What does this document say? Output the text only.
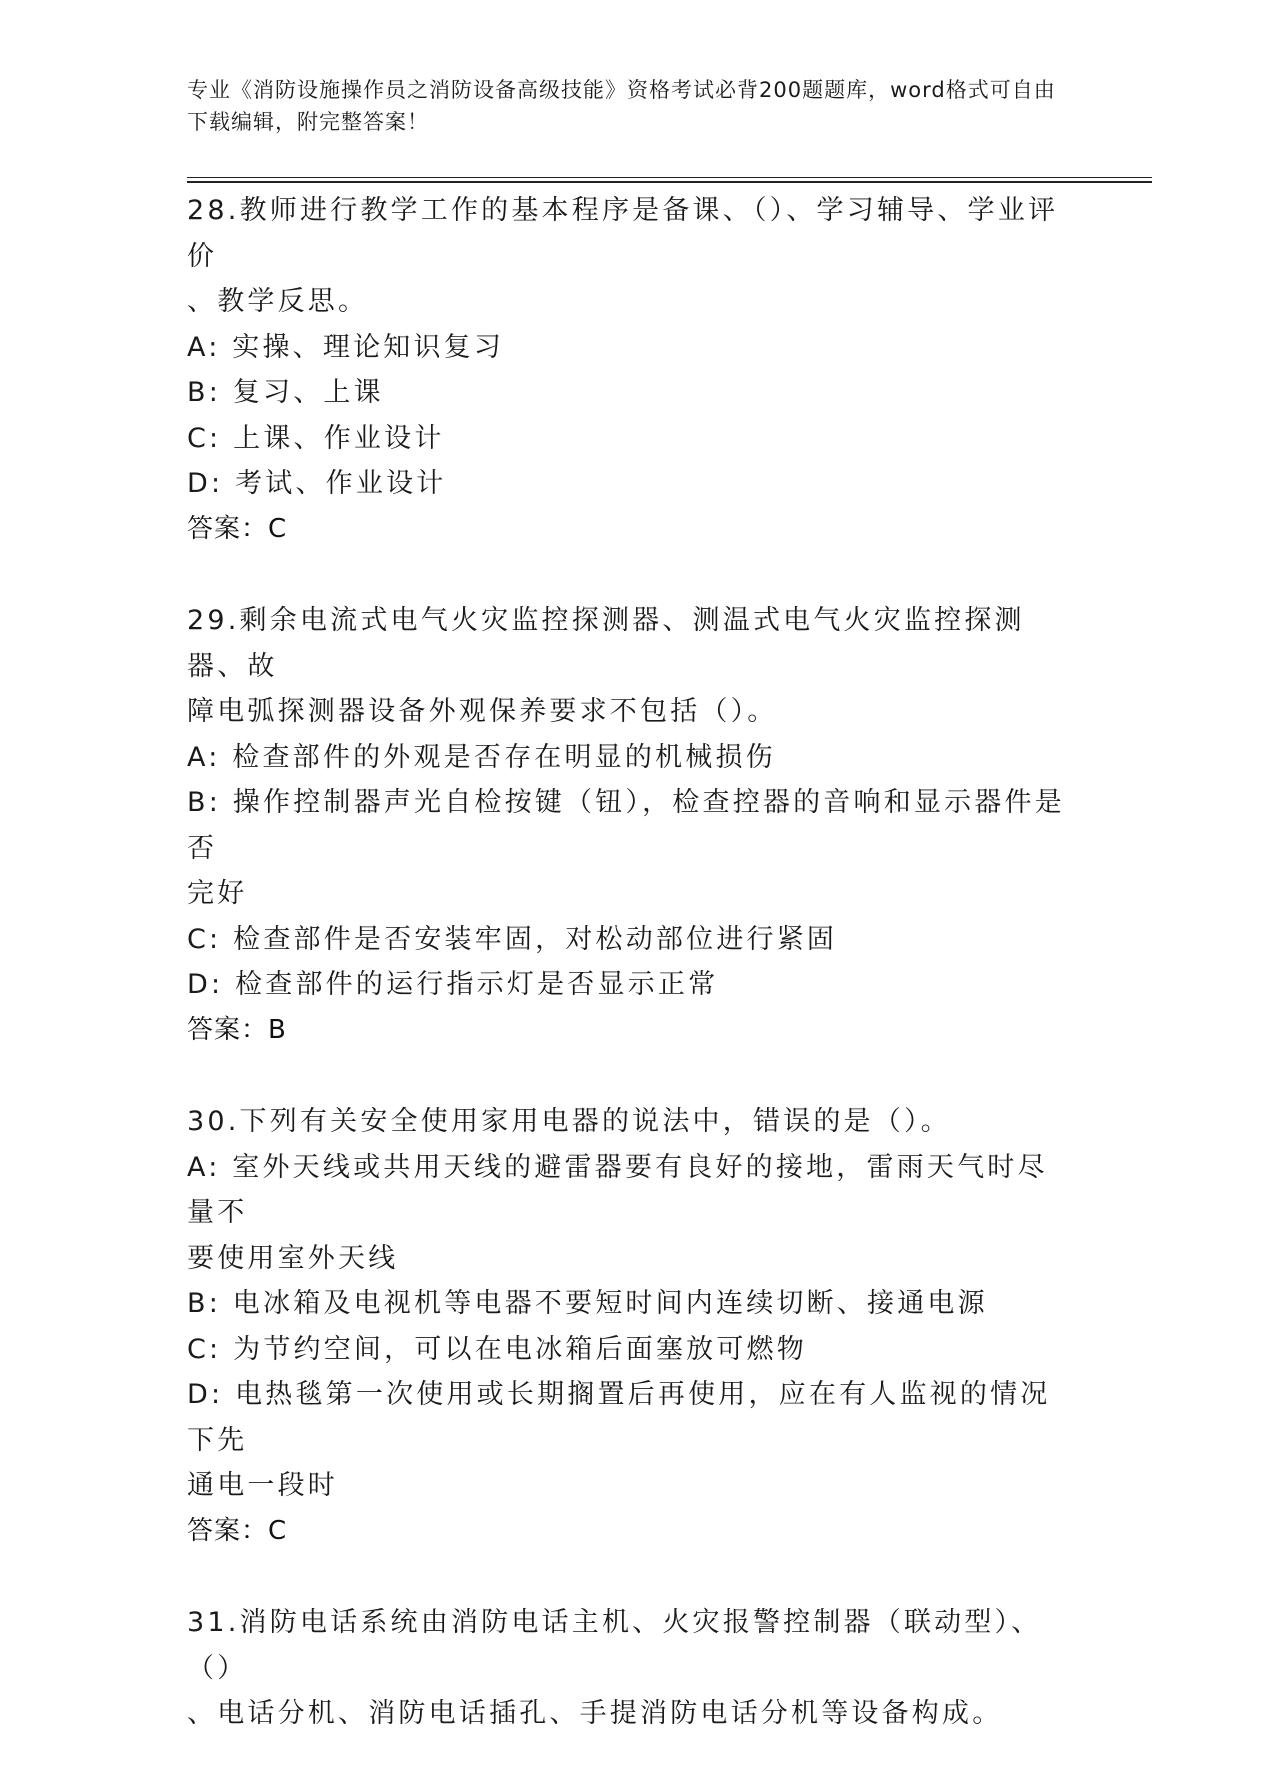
专业《消防设施操作员之消防设备高级技能》资格考试必背200题题库，word格式可自由下载编辑，附完整答案！
28.教师进行教学工作的基本程序是备课、（）、学习辅导、学业评价
、教学反思。
A: 实操、理论知识复习
B: 复习、上课
C: 上课、作业设计
D: 考试、作业设计
答案：C
29.剩余电流式电气火灾监控探测器、测温式电气火灾监控探测器、故
障电弧探测器设备外观保养要求不包括（）。
A: 检查部件的外观是否存在明显的机械损伤
B: 操作控制器声光自检按键（钮），检查控器的音响和显示器件是否
完好
C: 检查部件是否安装牢固，对松动部位进行紧固
D: 检查部件的运行指示灯是否显示正常
答案：B
30.下列有关安全使用家用电器的说法中，错误的是（）。
A: 室外天线或共用天线的避雷器要有良好的接地，雷雨天气时尽量不
要使用室外天线
B: 电冰箱及电视机等电器不要短时间内连续切断、接通电源
C: 为节约空间，可以在电冰箱后面塞放可燃物
D: 电热毯第一次使用或长期搁置后再使用，应在有人监视的情况下先
通电一段时
答案：C
31.消防电话系统由消防电话主机、火灾报警控制器（联动型）、（）
、电话分机、消防电话插孔、手提消防电话分机等设备构成。
